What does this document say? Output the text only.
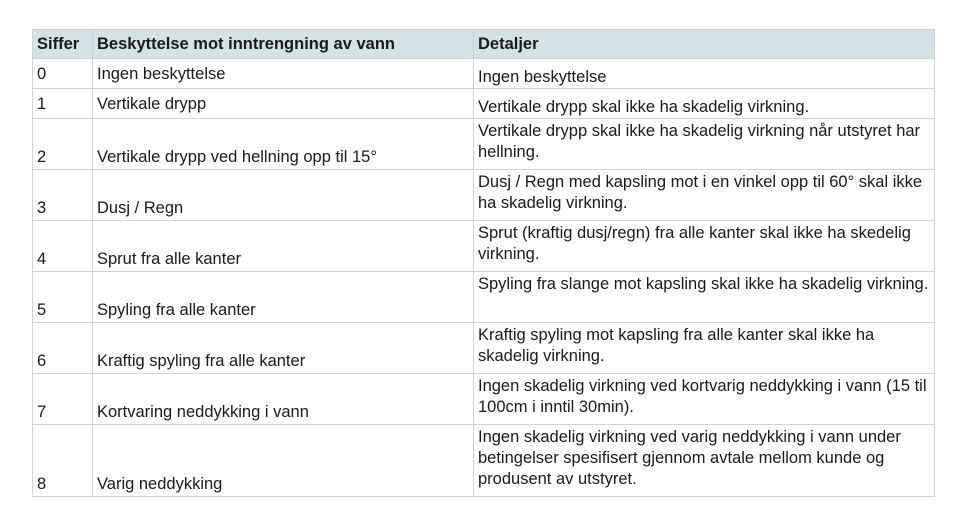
Siffer	Beskyttelse mot inntrengning av vann	Detaljer
0	Ingen beskyttelse	Ingen beskyttelse
1	Vertikale drypp	Vertikale drypp skal ikke ha skadelig virkning.
2	Vertikale drypp ved hellning opp til 15°	Vertikale drypp skal ikke ha skadelig virkning når utstyret har hellning.
3	Dusj / Regn	Dusj / Regn med kapsling mot i en vinkel opp til 60° skal ikke ha skadelig virkning.
4	Sprut fra alle kanter	Sprut (kraftig dusj/regn) fra alle kanter skal ikke ha skedelig virkning.
5	Spyling fra alle kanter	Spyling fra slange mot kapsling skal ikke ha skadelig virkning.
6	Kraftig spyling fra alle kanter	Kraftig spyling mot kapsling fra alle kanter skal ikke ha skadelig virkning.
7	Kortvaring neddykking i vann	Ingen skadelig virkning ved kortvarig neddykking i vann (15 til 100cm i inntil 30min).
8	Varig neddykking	Ingen skadelig virkning ved varig neddykking i vann under betingelser spesifisert gjennom avtale mellom kunde og produsent av utstyret.
